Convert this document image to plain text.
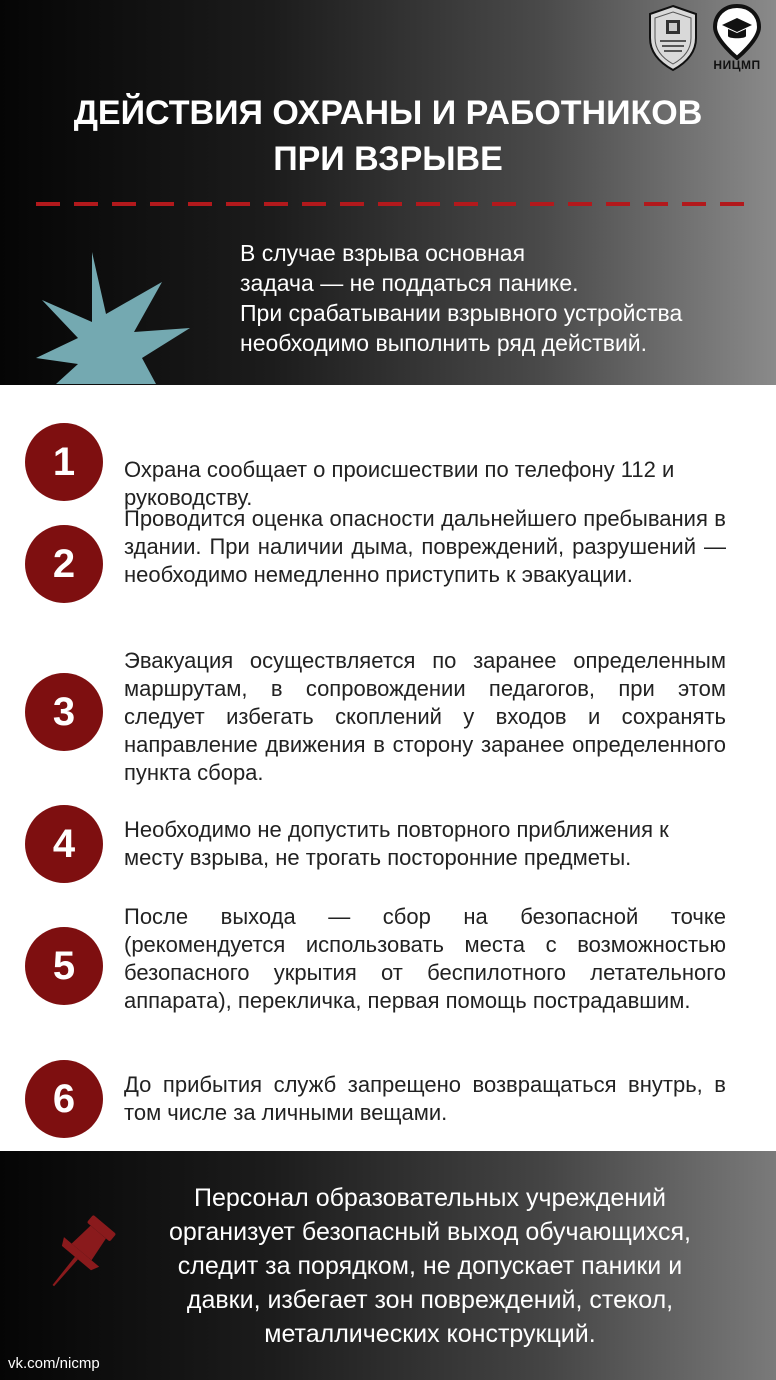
НИЦМП
ДЕЙСТВИЯ ОХРАНЫ И РАБОТНИКОВ
ПРИ ВЗРЫВЕ
В случае взрыва основная
задача — не поддаться панике.
При срабатывании взрывного устройства
необходимо выполнить ряд действий.
1	Охрана сообщает о происшествии по телефону 112 и руководству.
2
Проводится оценка опасности дальнейшего пребывания в здании. При наличии дыма, повреждений, разрушений — необходимо немедленно приступить к эвакуации.
3
Эвакуация осуществляется по заранее определенным маршрутам, в сопровождении педагогов, при этом следует избегать скоплений у входов и сохранять направление движения в сторону заранее определенного пункта сбора.
4	Необходимо не допустить повторного приближения к месту взрыва, не трогать посторонние предметы.
5
После выхода — сбор на безопасной точке (рекомендуется использовать места с возможностью безопасного укрытия от беспилотного летательного аппарата), перекличка, первая помощь пострадавшим.
6	До прибытия служб запрещено возвращаться внутрь, в том числе за личными вещами.
Персонал образовательных учреждений
организует безопасный выход обучающихся,
следит за порядком, не допускает паники и
давки, избегает зон повреждений, стекол,
металлических конструкций.
vk.com/nicmp
